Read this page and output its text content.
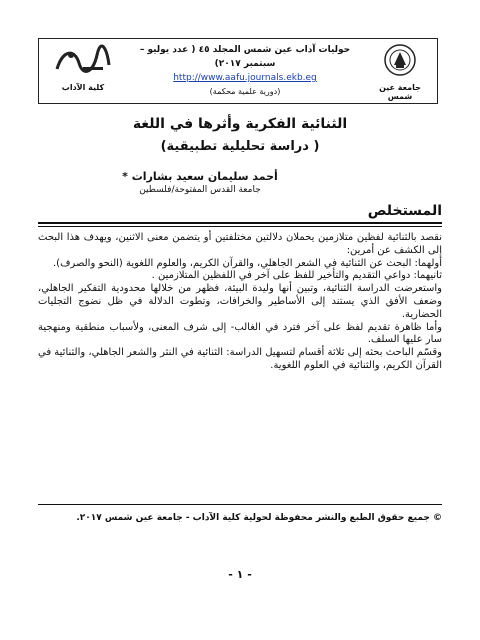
جامعة عين شمس
حوليات آداب عين شمس المجلد ٤٥ ( عدد يوليو – سبتمبر ٢٠١٧)
http://www.aafu.journals.ekb.eg
(دورية علمية محكمة)
كلية الآداب
الثنائية الفكرية وأثرها في اللغة
( دراسة تحليلية تطبيقية)
أحمد سليمان سعيد بشارات *
جامعة القدس المفتوحة/فلسطين
المستخلص

نقصد بالثنائية لفظين متلازمين يحملان دلالتين مختلفتين أو يتضمن معنى الاثنين، ويهدف هذا البحث إلى الكشف عن أمرين:

أولهما: البحث عن الثنائية في الشعر الجاهلي، والقرآن الكريم، والعلوم اللغوية (النحو والصرف).

ثانيهما: دواعي التقديم والتأخير للفظ على آخر في اللفظين المتلازمين .

واستعرضت الدراسة الثنائية، وتبين أنها وليدة البيئة، فظهر من خلالها محدودية التفكير الجاهلي، وضعف الأفق الذي يستند إلى الأساطير والخرافات، وتطوت الدلالة في ظل نضوج التجليات الحضارية.

وأما ظاهرة تقديم لفظ على آخر فترد في الغالب- إلى شرف المعنى، ولأسباب منطقية ومنهجية سار عليها السلف.

وقسّم الباحث بحثه إلى ثلاثة أقسام لتسهيل الدراسة: الثنائية في النثر والشعر الجاهلي، والثنائية في القرآن الكريم، والثنائية في العلوم اللغوية.

© جميع حقوق الطبع والنشر محفوظة لحولية كلية الآداب - جامعة عين شمس ٢٠١٧.
- ١ -
